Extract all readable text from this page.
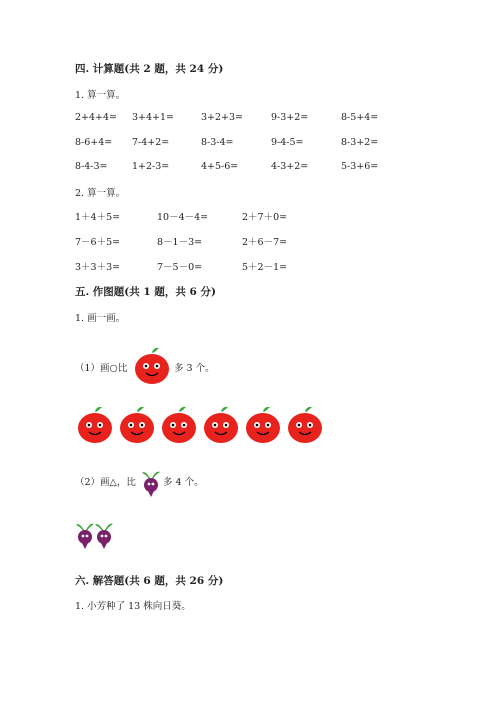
四. 计算题(共 2 题，共 24 分)
1. 算一算。
2+4+4= 3+4+1=	3+2+3=	9-3+2=	8-5+4=
8-6+4= 7-4+2=	8-3-4=	9-4-5=	8-3+2=
8-4-3=	1+2-3=	4+5-6=	4-3+2=	5-3+6=
2. 算一算。
1＋4＋5=	10－4－4=	2＋7＋0=
7－6＋5=	8－1－3=	2＋6－7=
3＋3＋3=	7－5－0=	5＋2－1=
五. 作图题(共 1 题，共 6 分)
1. 画一画。
（1）画○比	多 3 个。
（2）画△，比	多 4 个。
六. 解答题(共 6 题，共 26 分)
1. 小芳种了 13 株向日葵。
